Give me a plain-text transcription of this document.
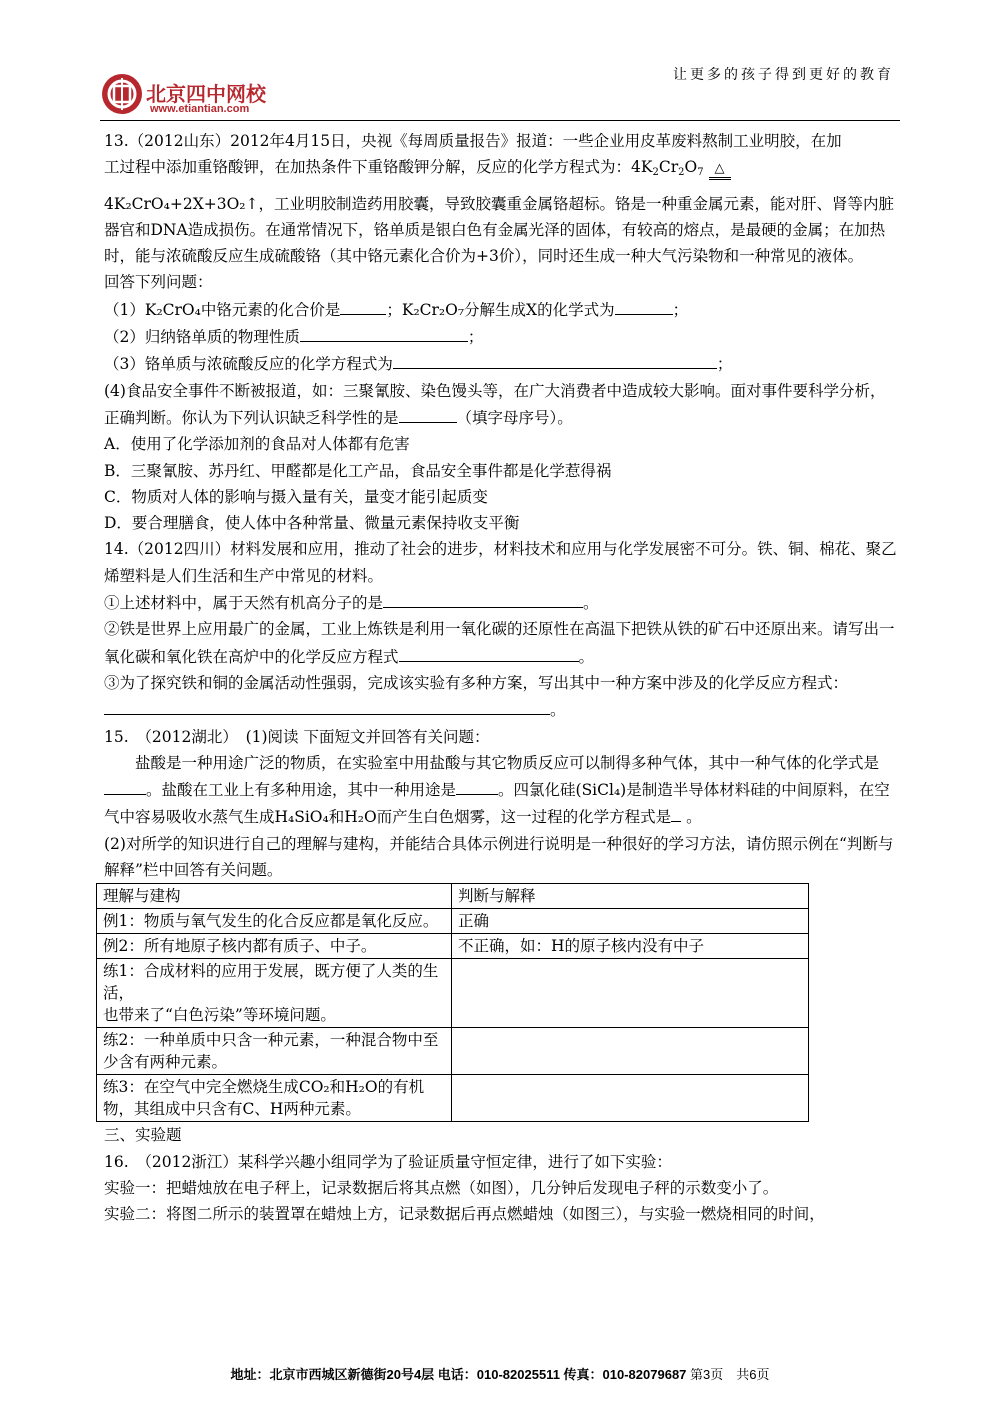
让更多的孩子得到更好的教育
北京四中网校
www.etiantian.com

13.（2012山东）2012年4月15日，央视《每周质量报告》报道：一些企业用皮革废料熬制工业明胶，在加

工过程中添加重铬酸钾，在加热条件下重铬酸钾分解，反应的化学方程式为：$4K_2Cr_2O_7$ △

4K₂CrO₄+2X+3O₂↑，工业明胶制造药用胶囊，导致胶囊重金属铬超标。铬是一种重金属元素，能对肝、肾等内脏器官和DNA造成损伤。在通常情况下，铬单质是银白色有金属光泽的固体，有较高的熔点，是最硬的金属；在加热时，能与浓硫酸反应生成硫酸铬（其中铬元素化合价为+3价），同时还生成一种大气污染物和一种常见的液体。

回答下列问题：

（1）K₂CrO₄中铬元素的化合价是	；K₂Cr₂O₇分解生成X的化学式为	；

（2）归纳铬单质的物理性质	；

（3）铬单质与浓硫酸反应的化学方程式为	；

(4)食品安全事件不断被报道，如：三聚氰胺、染色馒头等，在广大消费者中造成较大影响。面对事件要科学分析，正确判断。你认为下列认识缺乏科学性的是	（填字母序号）。

A．使用了化学添加剂的食品对人体都有危害

B．三聚氰胺、苏丹红、甲醛都是化工产品，食品安全事件都是化学惹得祸

C．物质对人体的影响与摄入量有关，量变才能引起质变

D．要合理膳食，使人体中各种常量、微量元素保持收支平衡

14.（2012四川）材料发展和应用，推动了社会的进步，材料技术和应用与化学发展密不可分。铁、铜、棉花、聚乙烯塑料是人们生活和生产中常见的材料。

①上述材料中，属于天然有机高分子的是	。

②铁是世界上应用最广的金属，工业上炼铁是利用一氧化碳的还原性在高温下把铁从铁的矿石中还原出来。请写出一氧化碳和氧化铁在高炉中的化学反应方程式	。

③为了探究铁和铜的金属活动性强弱，完成该实验有多种方案，写出其中一种方案中涉及的化学反应方程式：。

15.　（2012湖北）　(1)阅读 下面短文并回答有关问题：

盐酸是一种用途广泛的物质，在实验室中用盐酸与其它物质反应可以制得多种气体，其中一种气体的化学式是。盐酸在工业上有多种用途，其中一种用途是	。四氯化硅(SiCl₄)是制造半导体材料硅的中间原料，在空气中容易吸收水蒸气生成H₄SiO₄和H₂O而产生白色烟雾，这一过程的化学方程式是 。

(2)对所学的知识进行自己的理解与建构，并能结合具体示例进行说明是一种很好的学习方法，请仿照示例在“判断与解释”栏中回答有关问题。

理解与建构	判断与解释
例1：物质与氧气发生的化合反应都是氧化反应。	正确
例2：所有地原子核内都有质子、中子。	不正确，如：H的原子核内没有中子
练1：合成材料的应用于发展，既方便了人类的生活，
也带来了“白色污染”等环境问题。	
练2：一种单质中只含一种元素，一种混合物中至少含有两种元素。	
练3：在空气中完全燃烧生成CO₂和H₂O的有机物，其组成中只含有C、H两种元素。	

三、实验题

16.　（2012浙江）某科学兴趣小组同学为了验证质量守恒定律，进行了如下实验：

实验一：把蜡烛放在电子秤上，记录数据后将其点燃（如图），几分钟后发现电子秤的示数变小了。

实验二：将图二所示的装置罩在蜡烛上方，记录数据后再点燃蜡烛（如图三），与实验一燃烧相同的时间，

地址：北京市西城区新德街20号4层 电话：010-82025511 传真：010-82079687 第3页　共6页
